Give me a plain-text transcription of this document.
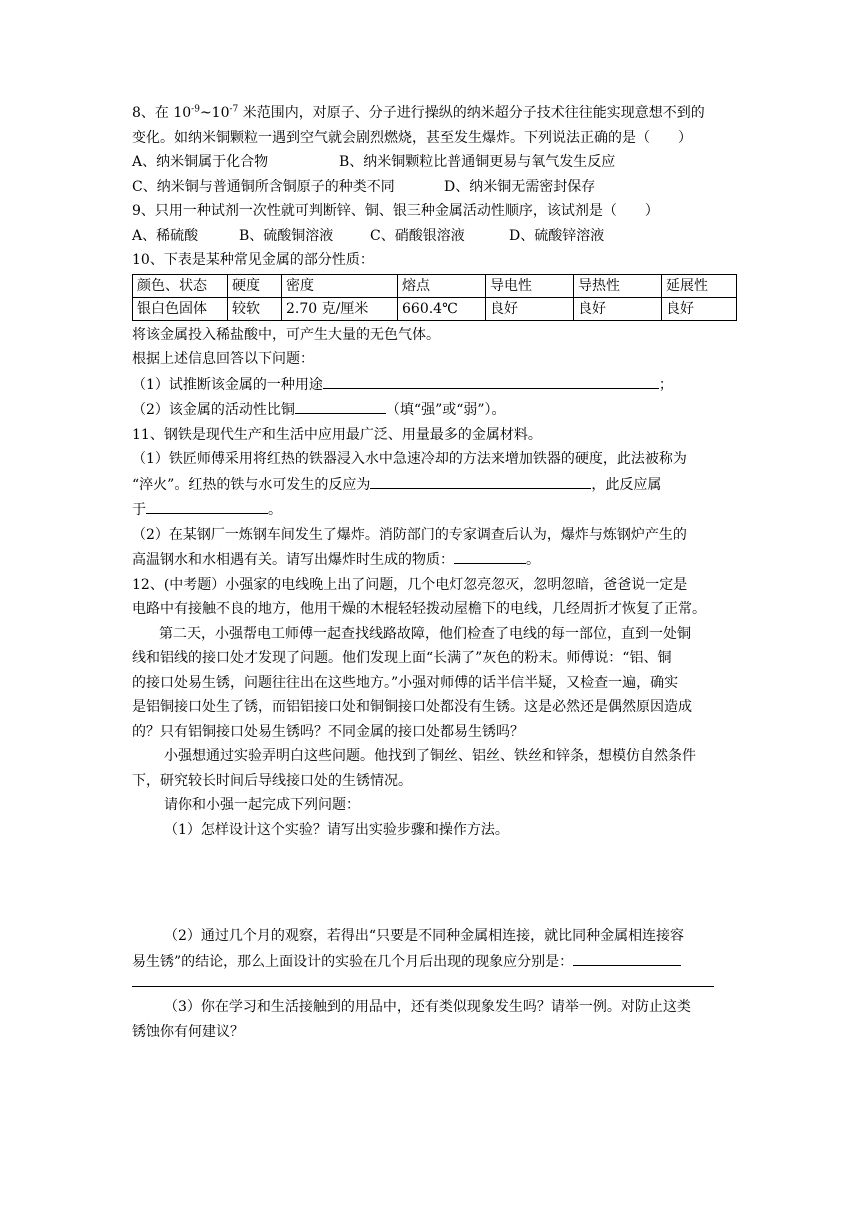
8、在 $10^{-9}\sim 10^{-7}$ 米范围内，对原子、分子进行操纵的纳米超分子技术往往能实现意想不到的

变化。如纳米铜颗粒一遇到空气就会剧烈燃烧，甚至发生爆炸。下列说法正确的是（　　）

A、纳米铜属于化合物	B、纳米铜颗粒比普通铜更易与氧气发生反应

C、纳米铜与普通铜所含铜原子的种类不同	D、纳米铜无需密封保存

9、只用一种试剂一次性就可判断锌、铜、银三种金属活动性顺序，该试剂是（　　）

A、稀硫酸	B、硫酸铜溶液	C、硝酸银溶液	D、硫酸锌溶液

10、下表是某种常见金属的部分性质：

颜色、状态	硬度	密度	熔点	导电性	导热性	延展性
银白色固体	较软	2.70 克/厘米	660.4℃	良好	良好	良好

将该金属投入稀盐酸中，可产生大量的无色气体。

根据上述信息回答以下问题：

（1）试推断该金属的一种用途	；

（2）该金属的活动性比铜	（填“强”或“弱”）。

11、钢铁是现代生产和生活中应用最广泛、用量最多的金属材料。

（1）铁匠师傅采用将红热的铁器浸入水中急速冷却的方法来增加铁器的硬度，此法被称为

“淬火”。红热的铁与水可发生的反应为	，此反应属

于	。

（2）在某钢厂一炼钢车间发生了爆炸。消防部门的专家调查后认为，爆炸与炼钢炉产生的

高温钢水和水相遇有关。请写出爆炸时生成的物质：	。

12、(中考题）小强家的电线晚上出了问题，几个电灯忽亮忽灭，忽明忽暗，爸爸说一定是

电路中有接触不良的地方，他用干燥的木棍轻轻拨动屋檐下的电线，几经周折才恢复了正常。

第二天，小强帮电工师傅一起查找线路故障，他们检查了电线的每一部位，直到一处铜

线和铝线的接口处才发现了问题。他们发现上面“长满了”灰色的粉末。师傅说：“铝、铜

的接口处易生锈，问题往往出在这些地方。”小强对师傅的话半信半疑，又检查一遍，确实

是铝铜接口处生了锈，而铝铝接口处和铜铜接口处都没有生锈。这是必然还是偶然原因造成

的？只有铝铜接口处易生锈吗？不同金属的接口处都易生锈吗？

小强想通过实验弄明白这些问题。他找到了铜丝、铝丝、铁丝和锌条，想模仿自然条件

下，研究较长时间后导线接口处的生锈情况。

请你和小强一起完成下列问题：

（1）怎样设计这个实验？请写出实验步骤和操作方法。

（2）通过几个月的观察，若得出“只要是不同种金属相连接，就比同种金属相连接容

易生锈”的结论，那么上面设计的实验在几个月后出现的现象应分别是：

（3）你在学习和生活接触到的用品中，还有类似现象发生吗？请举一例。对防止这类

锈蚀你有何建议？
